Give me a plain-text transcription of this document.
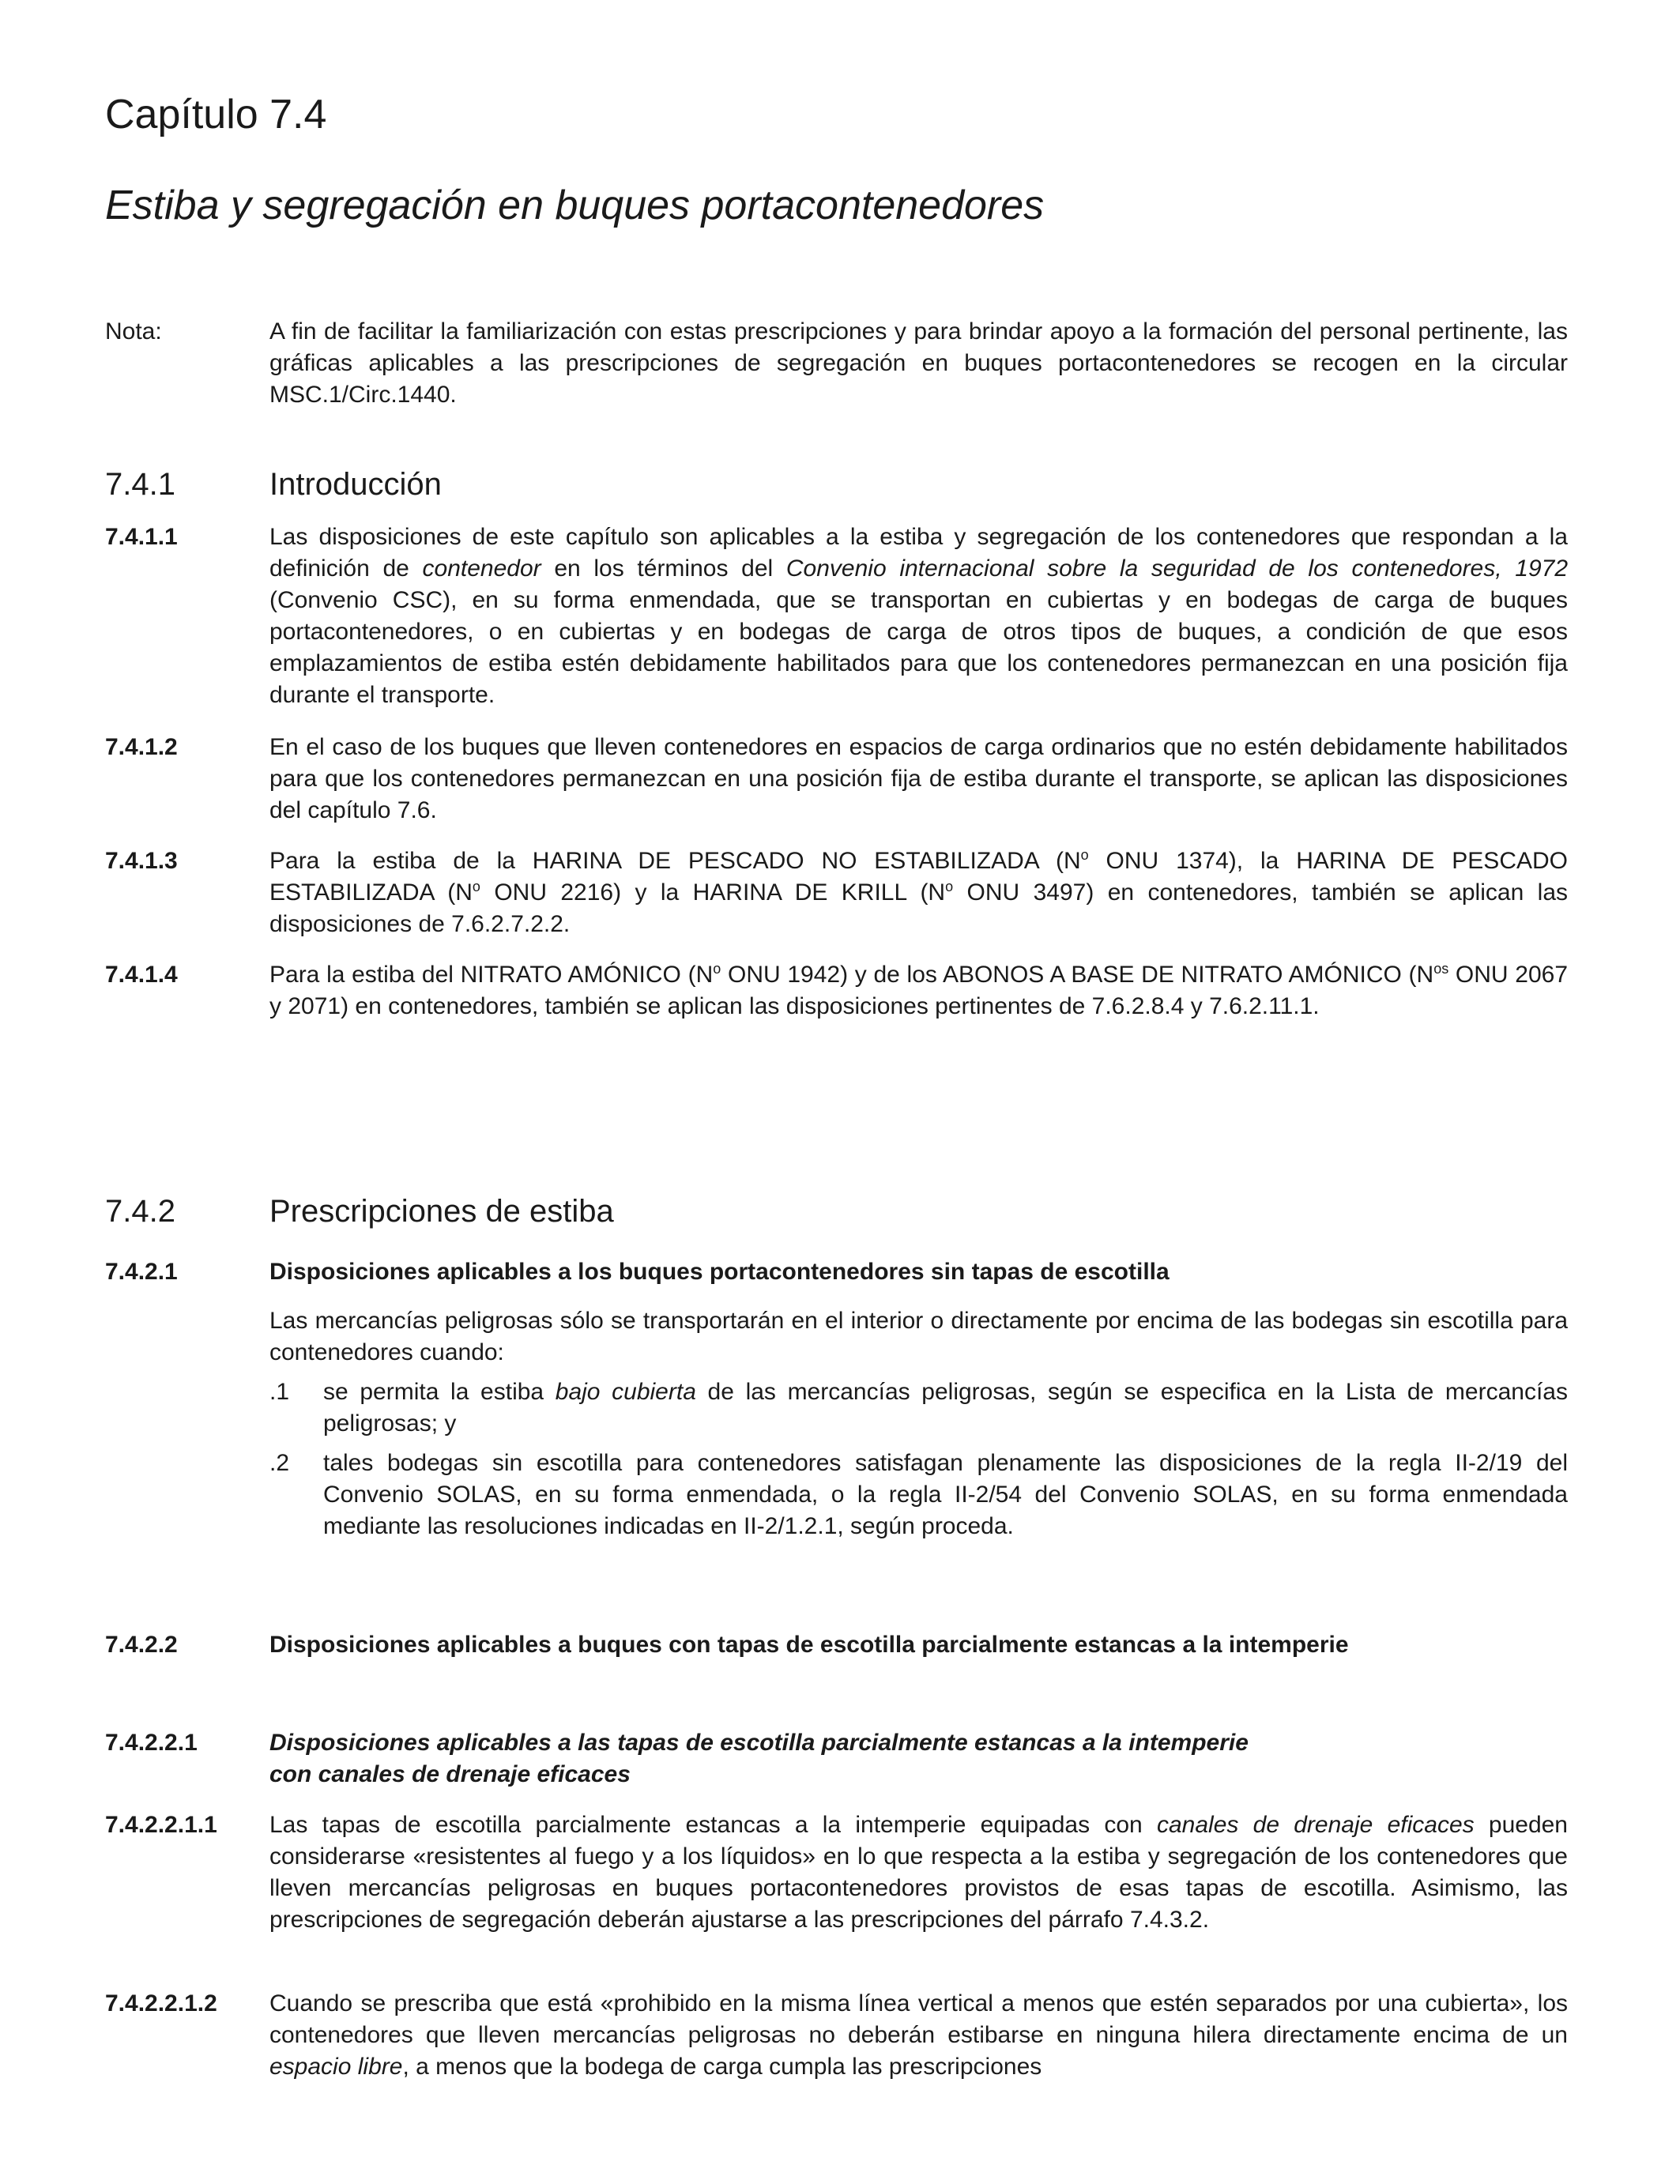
Capítulo 7.4
Estiba y segregación en buques portacontenedores
Nota:	A fin de facilitar la familiarización con estas prescripciones y para brindar apoyo a la formación del personal pertinente, las gráficas aplicables a las prescripciones de segregación en buques portacontenedores se recogen en la circular MSC.1/Circ.1440.

7.4.1	Introducción
7.4.1.1	Las disposiciones de este capítulo son aplicables a la estiba y segregación de los contenedores que respondan a la definición de contenedor en los términos del Convenio internacional sobre la seguridad de los contenedores, 1972 (Convenio CSC), en su forma enmendada, que se transportan en cubiertas y en bodegas de carga de buques portacontenedores, o en cubiertas y en bodegas de carga de otros tipos de buques, a condición de que esos emplazamientos de estiba estén debidamente habilitados para que los contenedores permanezcan en una posición fija durante el transporte.

7.4.1.2	En el caso de los buques que lleven contenedores en espacios de carga ordinarios que no estén debidamente habilitados para que los contenedores permanezcan en una posición fija de estiba durante el transporte, se aplican las disposiciones del capítulo 7.6.

7.4.1.3	Para la estiba de la HARINA DE PESCADO NO ESTABILIZADA ($N^o$ ONU 1374), la HARINA DE PESCADO ESTABILIZADA ($N^o$ ONU 2216) y la HARINA DE KRILL ($N^o$ ONU 3497) en contenedores, también se aplican las disposiciones de 7.6.2.7.2.2.

7.4.1.4	Para la estiba del NITRATO AMÓNICO ($N^o$ ONU 1942) y de los ABONOS A BASE DE NITRATO AMÓNICO ($N^{os}$ ONU 2067 y 2071) en contenedores, también se aplican las disposiciones pertinentes de 7.6.2.8.4 y 7.6.2.11.1.

7.4.2	Prescripciones de estiba
7.4.2.1	Disposiciones aplicables a los buques portacontenedores sin tapas de escotilla

Las mercancías peligrosas sólo se transportarán en el interior o directamente por encima de las bodegas sin escotilla para contenedores cuando:

.1 se permita la estiba bajo cubierta de las mercancías peligrosas, según se especifica en la Lista de mercancías peligrosas; y
.2 tales bodegas sin escotilla para contenedores satisfagan plenamente las disposiciones de la regla II-2/19 del Convenio SOLAS, en su forma enmendada, o la regla II-2/54 del Convenio SOLAS, en su forma enmendada mediante las resoluciones indicadas en II-2/1.2.1, según proceda.
7.4.2.2	Disposiciones aplicables a buques con tapas de escotilla parcialmente estancas a la intemperie
7.4.2.2.1	Disposiciones aplicables a las tapas de escotilla parcialmente estancas a la intemperie

con canales de drenaje eficaces

7.4.2.2.1.1 Las tapas de escotilla parcialmente estancas a la intemperie equipadas con canales de drenaje eficaces pueden considerarse «resistentes al fuego y a los líquidos» en lo que respecta a la estiba y segregación de los contenedores que lleven mercancías peligrosas en buques portacontenedores provistos de esas tapas de escotilla. Asimismo, las prescripciones de segregación deberán ajustarse a las prescripciones del párrafo 7.4.3.2.

7.4.2.2.1.2 Cuando se prescriba que está «prohibido en la misma línea vertical a menos que estén separados por una cubierta», los contenedores que lleven mercancías peligrosas no deberán estibarse en ninguna hilera directamente encima de un espacio libre, a menos que la bodega de carga cumpla las prescripciones
